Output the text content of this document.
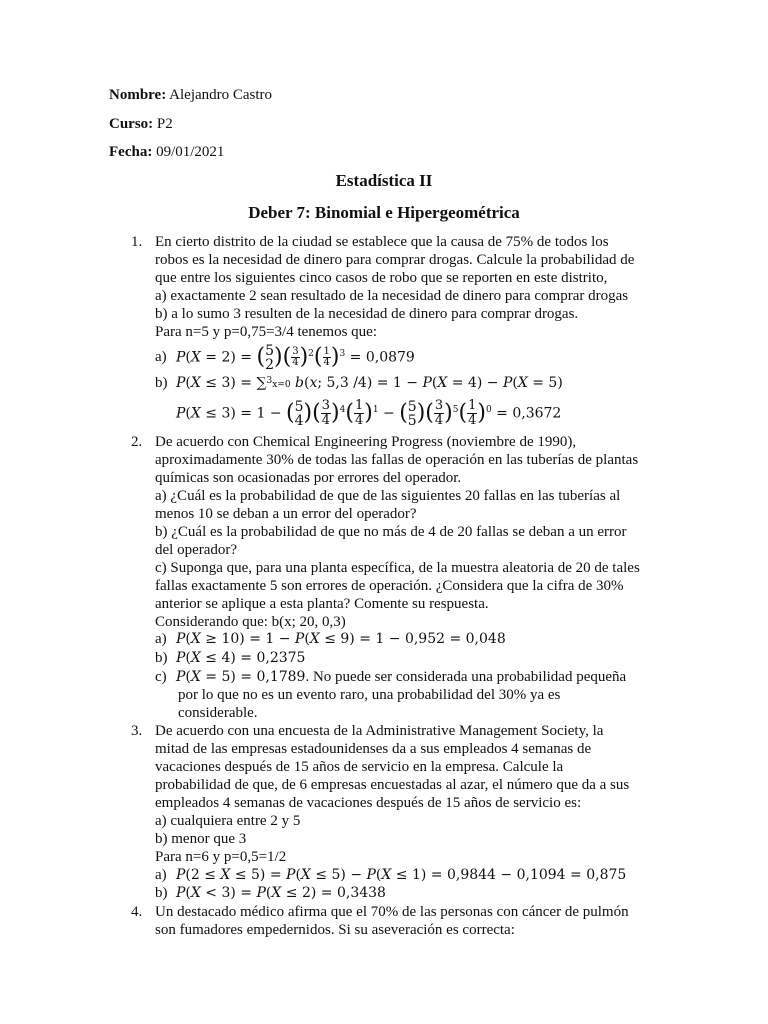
Nombre: Alejandro Castro
Curso: P2
Fecha: 09/01/2021
Estadística II
Deber 7: Binomial e Hipergeométrica
1. En cierto distrito de la ciudad se establece que la causa de 75% de todos los
robos es la necesidad de dinero para comprar drogas. Calcule la probabilidad de
que entre los siguientes cinco casos de robo que se reporten en este distrito,
a) exactamente 2 sean resultado de la necesidad de dinero para comprar drogas
b) a lo sumo 3 resulten de la necesidad de dinero para comprar drogas.
Para n=5 y p=0,75=3/4 tenemos que:
a) P(X = 2) = (5
2)( 3
4)$^2$( 1
4)$^3$ = 0,0879
b) P(X ≤ 3) = ∑$^3$x=0 𝑏(𝑥; 5,3 /4) = 1 − 𝑃(𝑋 = 4) − 𝑃(𝑋 = 5)
P(X ≤ 3) = 1 − (5
4)( 3
4)$^4$( 1
4)$^1$ − (5
5)( 3
4)$^5$( 1
4)$^0$ = 0,3672
2. De acuerdo con Chemical Engineering Progress (noviembre de 1990),
aproximadamente 30% de todas las fallas de operación en las tuberías de plantas
químicas son ocasionadas por errores del operador.
a) ¿Cuál es la probabilidad de que de las siguientes 20 fallas en las tuberías al
menos 10 se deban a un error del operador?
b) ¿Cuál es la probabilidad de que no más de 4 de 20 fallas se deban a un error
del operador?
c) Suponga que, para una planta específica, de la muestra aleatoria de 20 de tales
fallas exactamente 5 son errores de operación. ¿Considera que la cifra de 30%
anterior se aplique a esta planta? Comente su respuesta.
Considerando que: b(x; 20, 0,3)
a) 𝑃(𝑋 ≥ 10) = 1 − 𝑃(𝑋 ≤ 9) = 1 − 0,952 = 0,048
b) 𝑃(𝑋 ≤ 4) = 0,2375
c) 𝑃(𝑋 = 5) = 0,1789. No puede ser considerada una probabilidad pequeña
por lo que no es un evento raro, una probabilidad del 30% ya es
considerable.
3. De acuerdo con una encuesta de la Administrative Management Society, la
mitad de las empresas estadounidenses da a sus empleados 4 semanas de
vacaciones después de 15 años de servicio en la empresa. Calcule la
probabilidad de que, de 6 empresas encuestadas al azar, el número que da a sus
empleados 4 semanas de vacaciones después de 15 años de servicio es:
a) cualquiera entre 2 y 5
b) menor que 3
Para n=6 y p=0,5=1/2
a) 𝑃(2 ≤ 𝑋 ≤ 5) = 𝑃(𝑋 ≤ 5) − 𝑃(𝑋 ≤ 1) = 0,9844 − 0,1094 = 0,875
b) 𝑃(𝑋 < 3) = 𝑃(𝑋 ≤ 2) = 0,3438
4. Un destacado médico afirma que el 70% de las personas con cáncer de pulmón
son fumadores empedernidos. Si su aseveración es correcta:
